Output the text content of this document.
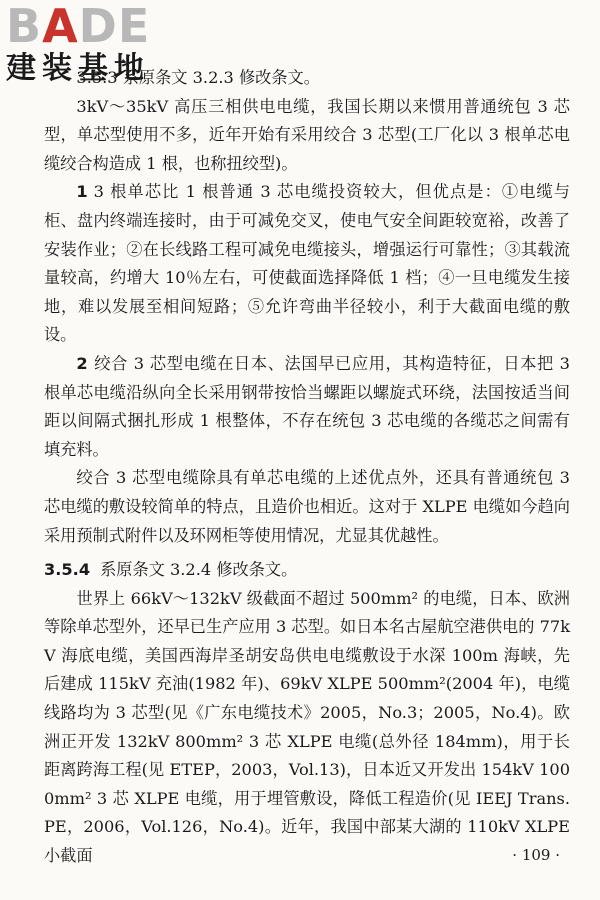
BADE
建装基地

3.5.3 系原条文 3.2.3 修改条文。

3kV～35kV 高压三相供电电缆，我国长期以来惯用普通统包 3 芯型，单芯型使用不多，近年开始有采用绞合 3 芯型(工厂化以 3 根单芯电缆绞合构造成 1 根，也称扭绞型)。

1 3 根单芯比 1 根普通 3 芯电缆投资较大，但优点是：①电缆与柜、盘内终端连接时，由于可减免交叉，使电气安全间距较宽裕，改善了安装作业；②在长线路工程可减免电缆接头，增强运行可靠性；③其载流量较高，约增大 10％左右，可使截面选择降低 1 档；④一旦电缆发生接地，难以发展至相间短路；⑤允许弯曲半径较小，利于大截面电缆的敷设。

2 绞合 3 芯型电缆在日本、法国早已应用，其构造特征，日本把 3 根单芯电缆沿纵向全长采用钢带按恰当螺距以螺旋式环绕，法国按适当间距以间隔式捆扎形成 1 根整体，不存在统包 3 芯电缆的各缆芯之间需有填充料。

绞合 3 芯型电缆除具有单芯电缆的上述优点外，还具有普通统包 3 芯电缆的敷设较简单的特点，且造价也相近。这对于 XLPE 电缆如今趋向采用预制式附件以及环网柜等使用情况，尤显其优越性。

3.5.4 系原条文 3.2.4 修改条文。

世界上 66kV～132kV 级截面不超过 500mm² 的电缆，日本、欧洲等除单芯型外，还早已生产应用 3 芯型。如日本名古屋航空港供电的 77kV 海底电缆，美国西海岸圣胡安岛供电电缆敷设于水深 100m 海峡，先后建成 115kV 充油(1982 年)、69kV XLPE 500mm²(2004 年)，电缆线路均为 3 芯型(见《广东电缆技术》2005，No.3；2005，No.4)。欧洲正开发 132kV 800mm² 3 芯 XLPE 电缆(总外径 184mm)，用于长距离跨海工程(见 ETEP，2003，Vol.13)，日本近又开发出 154kV 1000mm² 3 芯 XLPE 电缆，用于埋管敷设，降低工程造价(见 IEEJ Trans. PE，2006，Vol.126，No.4)。近年，我国中部某大湖的 110kV XLPE 小截面	· 109 ·
